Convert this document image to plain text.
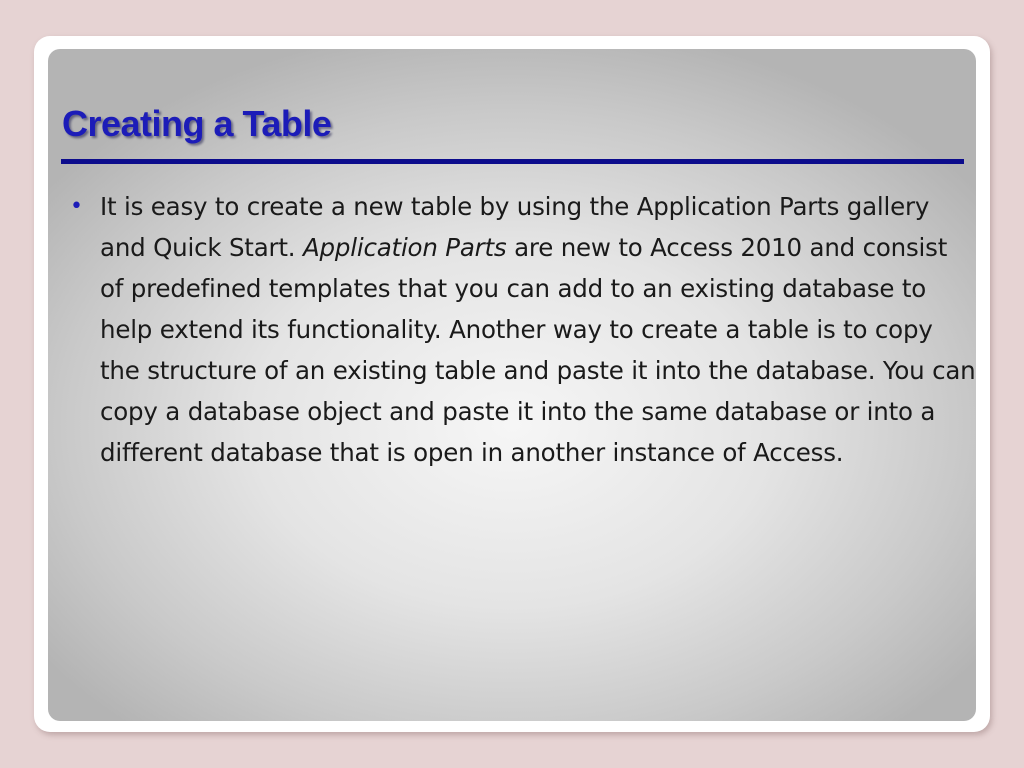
Creating a Table
• It is easy to create a new table by using the Application Parts gallery and Quick Start. Application Parts are new to Access 2010 and consist of predefined templates that you can add to an existing database to help extend its functionality. Another way to create a table is to copy the structure of an existing table and paste it into the database. You can copy a database object and paste it into the same database or into a different database that is open in another instance of Access.
